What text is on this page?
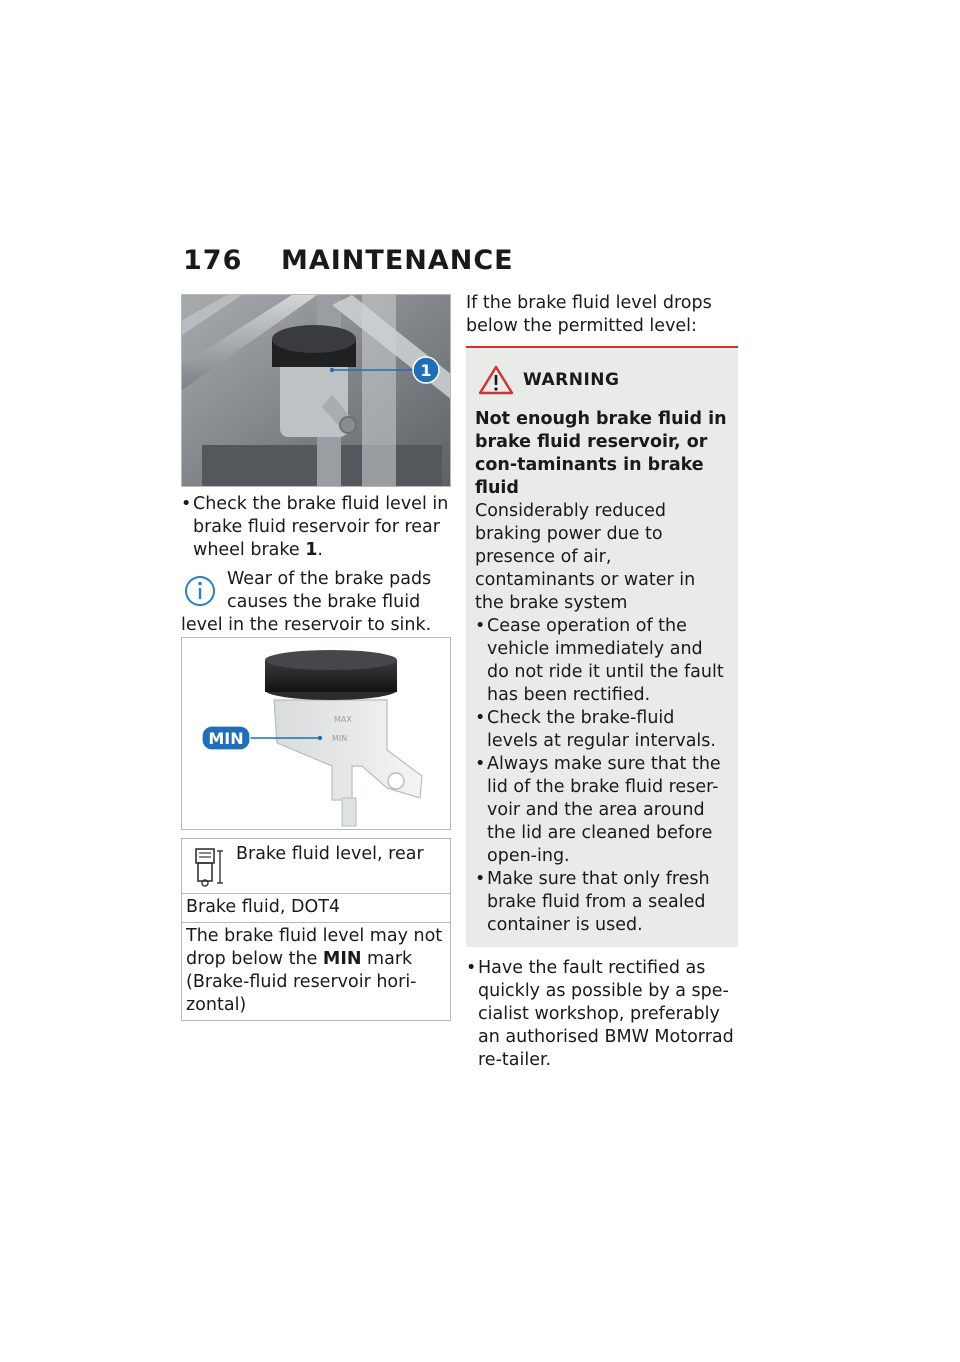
176	MAINTENANCE
1
• Check the brake fluid level in brake fluid reservoir for rear wheel brake 1.
Wear of the brake pads
causes the brake fluid
level in the reservoir to sink.
MAX
MIN
MIN
Brake fluid level, rear
Brake fluid, DOT4
The brake fluid level may not drop below the MIN mark (Brake-fluid reservoir hori-zontal)
If the brake fluid level drops below the permitted level:
WARNING
Not enough brake fluid in brake fluid reservoir, or con-taminants in brake fluid
Considerably reduced braking power due to presence of air, contaminants or water in the brake system
• Cease operation of the vehicle immediately and do not ride it until the fault has been rectified.
• Check the brake-fluid levels at regular intervals.
• Always make sure that the lid of the brake fluid reser-voir and the area around the lid are cleaned before open-ing.
• Make sure that only fresh brake fluid from a sealed container is used.
• Have the fault rectified as quickly as possible by a spe-cialist workshop, preferably an authorised BMW Motorrad re-tailer.
